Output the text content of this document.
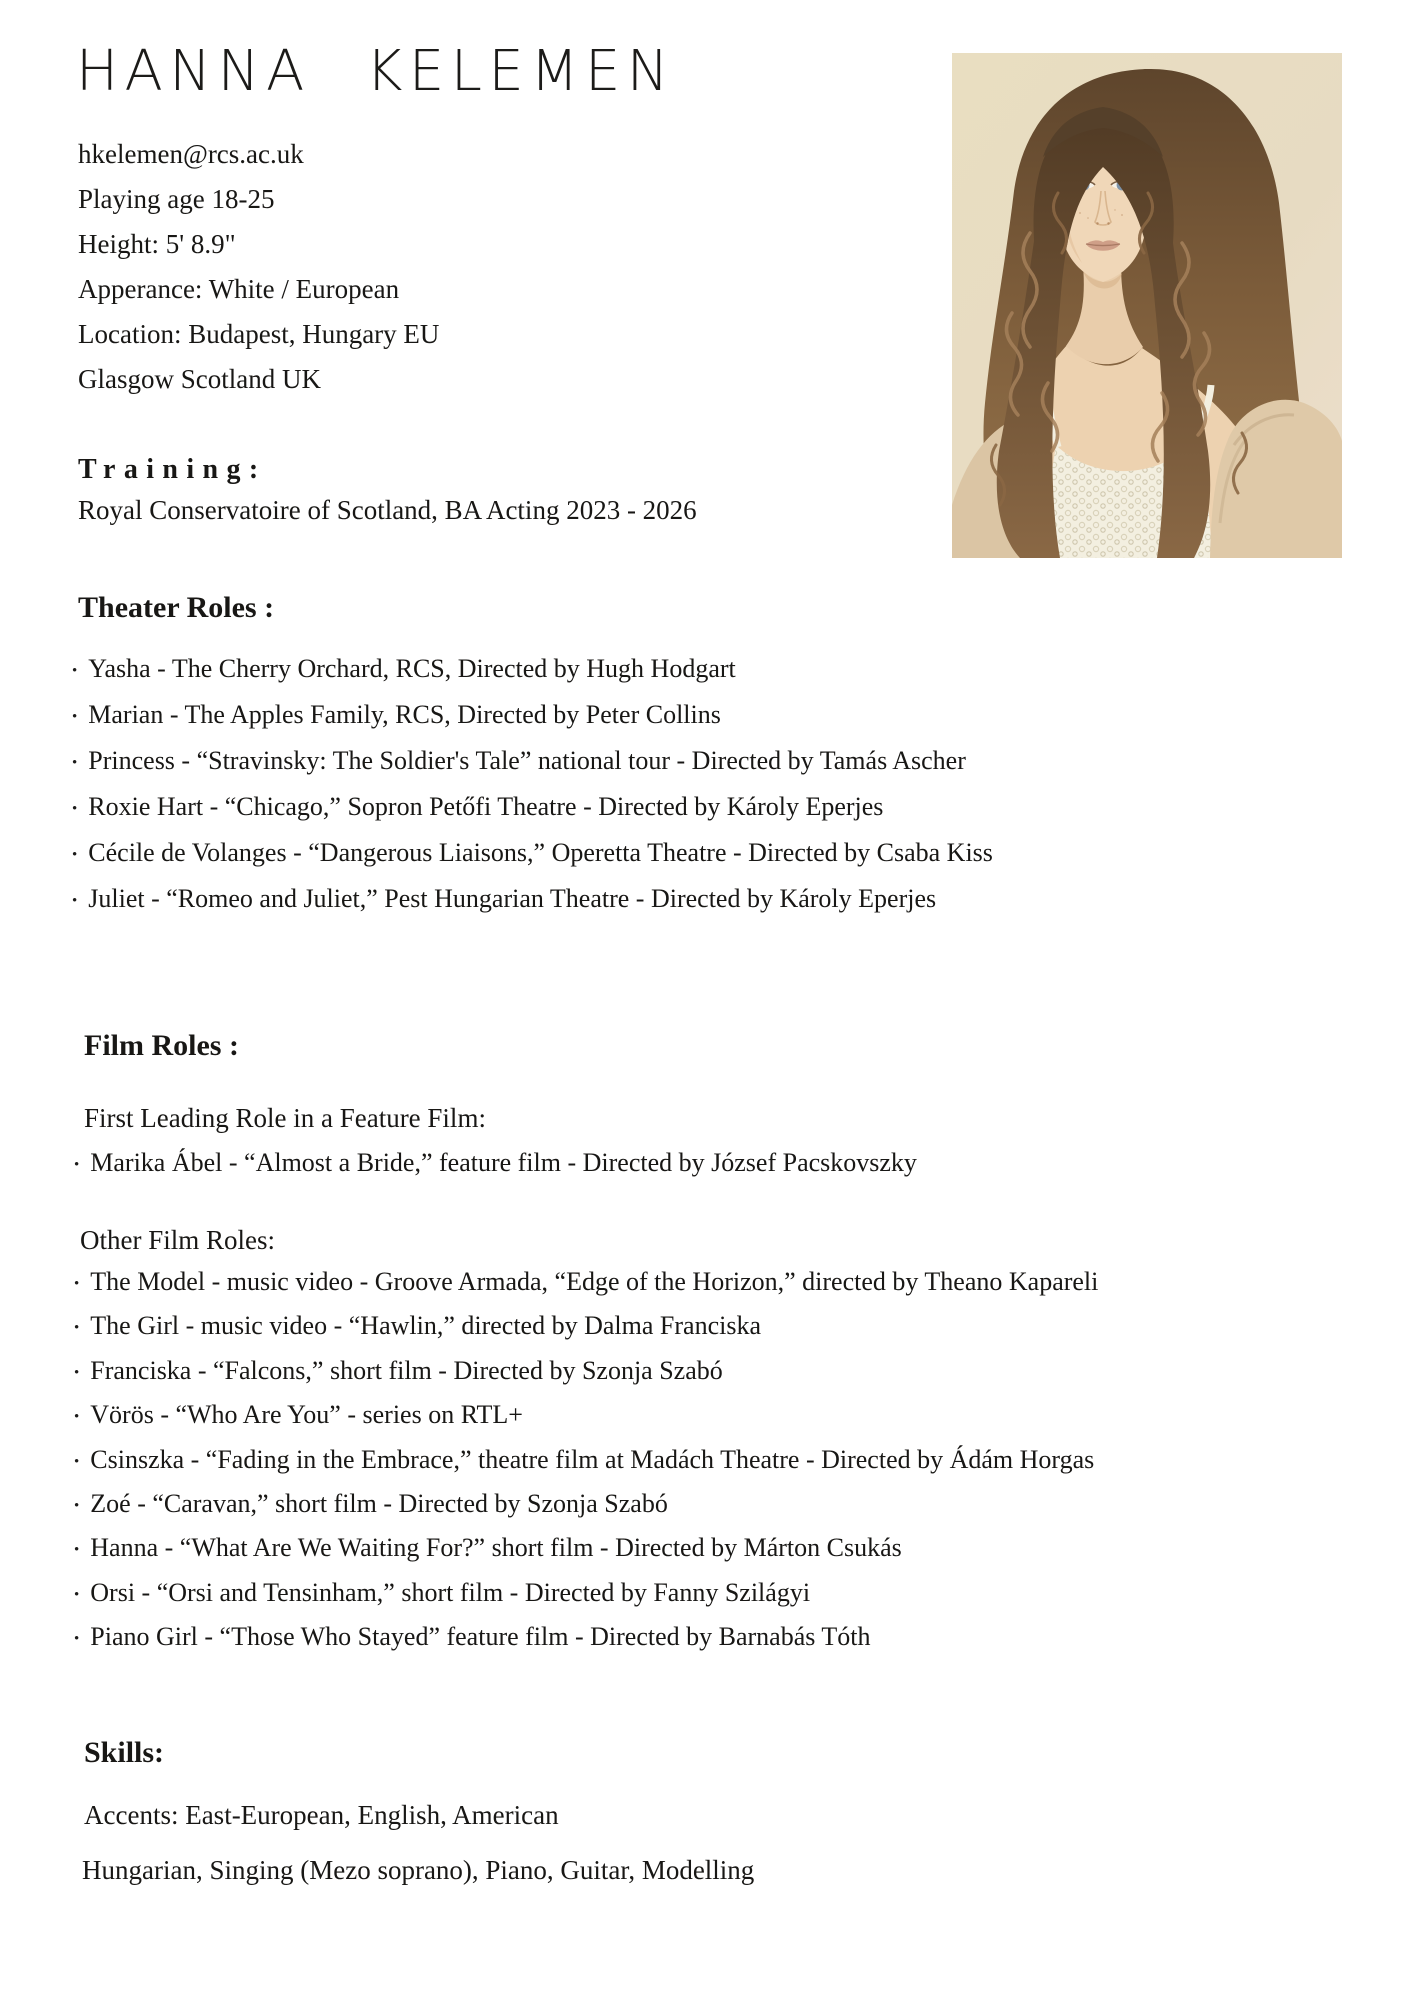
HANNA KELEMEN
hkelemen@rcs.ac.uk
Playing age 18-25
Height: 5' 8.9"
Apperance: White / European
Location: Budapest, Hungary EU
Glasgow Scotland UK
Training:
Royal Conservatoire of Scotland, BA Acting 2023 - 2026
Theater Roles :
• Yasha - The Cherry Orchard, RCS, Directed by Hugh Hodgart
• Marian - The Apples Family, RCS, Directed by Peter Collins
• Princess - “Stravinsky: The Soldier's Tale” national tour - Directed by Tamás Ascher
• Roxie Hart - “Chicago,” Sopron Petőfi Theatre - Directed by Károly Eperjes
• Cécile de Volanges - “Dangerous Liaisons,” Operetta Theatre - Directed by Csaba Kiss
• Juliet - “Romeo and Juliet,” Pest Hungarian Theatre - Directed by Károly Eperjes
Film Roles :
First Leading Role in a Feature Film:
• Marika Ábel - “Almost a Bride,” feature film - Directed by József Pacskovszky
Other Film Roles:
• The Model - music video - Groove Armada, “Edge of the Horizon,” directed by Theano Kapareli
• The Girl - music video - “Hawlin,” directed by Dalma Franciska
• Franciska - “Falcons,” short film - Directed by Szonja Szabó
• Vörös - “Who Are You” - series on RTL+
• Csinszka - “Fading in the Embrace,” theatre film at Madách Theatre - Directed by Ádám Horgas
• Zoé - “Caravan,” short film - Directed by Szonja Szabó
• Hanna - “What Are We Waiting For?” short film - Directed by Márton Csukás
• Orsi - “Orsi and Tensinham,” short film - Directed by Fanny Szilágyi
• Piano Girl - “Those Who Stayed” feature film - Directed by Barnabás Tóth
Skills:
Accents: East-European, English, American
Hungarian, Singing (Mezo soprano), Piano, Guitar, Modelling
